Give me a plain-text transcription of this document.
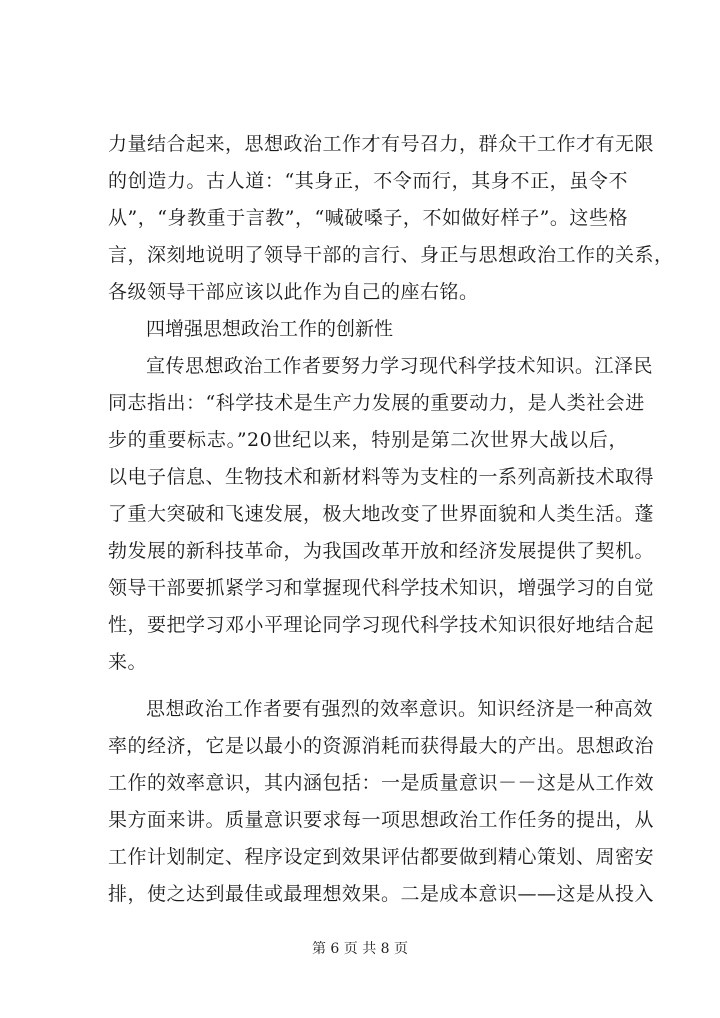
力量结合起来，思想政治工作才有号召力，群众干工作才有无限
的创造力。古人道：“其身正，不令而行，其身不正，虽令不
从”，“身教重于言教”，“喊破嗓子，不如做好样子”。这些格
言，深刻地说明了领导干部的言行、身正与思想政治工作的关系，
各级领导干部应该以此作为自己的座右铭。
四增强思想政治工作的创新性
宣传思想政治工作者要努力学习现代科学技术知识。江泽民
同志指出：“科学技术是生产力发展的重要动力，是人类社会进
步的重要标志。”20世纪以来，特别是第二次世界大战以后，
以电子信息、生物技术和新材料等为支柱的一系列高新技术取得
了重大突破和飞速发展，极大地改变了世界面貌和人类生活。蓬
勃发展的新科技革命，为我国改革开放和经济发展提供了契机。
领导干部要抓紧学习和掌握现代科学技术知识，增强学习的自觉
性，要把学习邓小平理论同学习现代科学技术知识很好地结合起
来。
思想政治工作者要有强烈的效率意识。知识经济是一种高效
率的经济，它是以最小的资源消耗而获得最大的产出。思想政治
工作的效率意识，其内涵包括：一是质量意识－－这是从工作效
果方面来讲。质量意识要求每一项思想政治工作任务的提出，从
工作计划制定、程序设定到效果评估都要做到精心策划、周密安
排，使之达到最佳或最理想效果。二是成本意识——这是从投入
第 6 页 共 8 页
